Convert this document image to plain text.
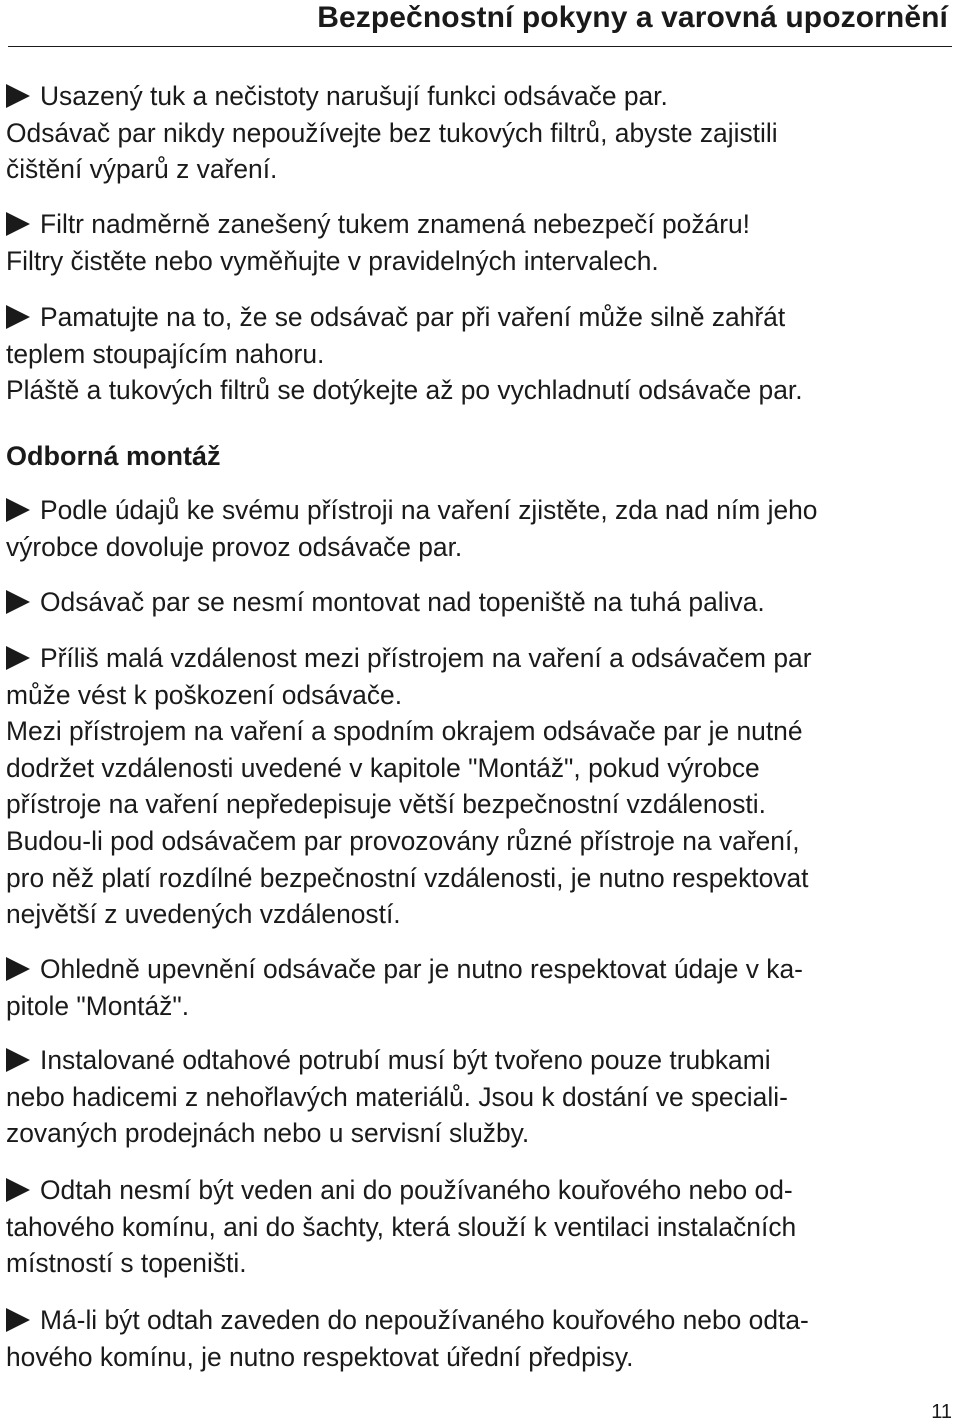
Bezpečnostní pokyny a varovná upozornění
Usazený tuk a nečistoty narušují funkci odsávače par.
Odsávač par nikdy nepoužívejte bez tukových filtrů, abyste zajistili
čištění výparů z vaření.
Filtr nadměrně zanešený tukem znamená nebezpečí požáru!
Filtry čistěte nebo vyměňujte v pravidelných intervalech.
Pamatujte na to, že se odsávač par při vaření může silně zahřát
teplem stoupajícím nahoru.
Pláště a tukových filtrů se dotýkejte až po vychladnutí odsávače par.
Odborná montáž
Podle údajů ke svému přístroji na vaření zjistěte, zda nad ním jeho
výrobce dovoluje provoz odsávače par.
Odsávač par se nesmí montovat nad topeniště na tuhá paliva.
Příliš malá vzdálenost mezi přístrojem na vaření a odsávačem par
může vést k poškození odsávače.
Mezi přístrojem na vaření a spodním okrajem odsávače par je nutné
dodržet vzdálenosti uvedené v kapitole "Montáž", pokud výrobce
přístroje na vaření nepředepisuje větší bezpečnostní vzdálenosti.
Budou-li pod odsávačem par provozovány různé přístroje na vaření,
pro něž platí rozdílné bezpečnostní vzdálenosti, je nutno respektovat
největší z uvedených vzdáleností.
Ohledně upevnění odsávače par je nutno respektovat údaje v ka-
pitole "Montáž".
Instalované odtahové potrubí musí být tvořeno pouze trubkami
nebo hadicemi z nehořlavých materiálů. Jsou k dostání ve speciali-
zovaných prodejnách nebo u servisní služby.
Odtah nesmí být veden ani do používaného kouřového nebo od-
tahového komínu, ani do šachty, která slouží k ventilaci instalačních
místností s topeništi.
Má-li být odtah zaveden do nepoužívaného kouřového nebo odta-
hového komínu, je nutno respektovat úřední předpisy.
11
